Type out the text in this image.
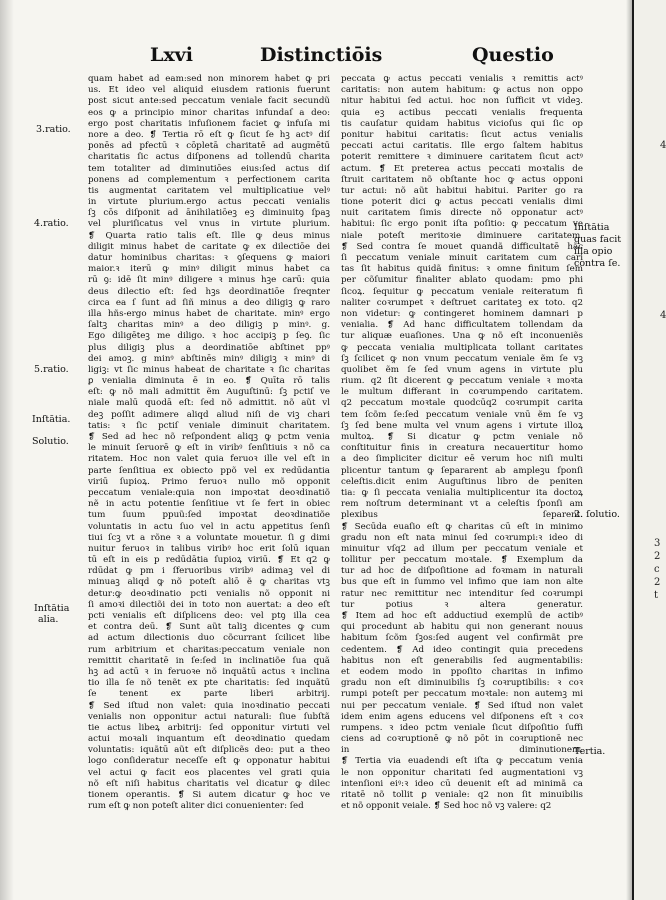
Lxvi	Distinctiōis	Questio
quam habet ad eam:sed non minorem habet ꝙ pri
us. Et ideo vel aliquid eiusdem rationis fuerunt
post sicut ante:sed peccatum veniale facit secundũ
eos ꝙ a principio minor charitas infundaſ a deo:
ergo post charitatis infuſionem faciet ꝙ infuſa mi
nore a deo. ❡ Tertia rō eſt ꝙ ſicut ſe hꝫ actꝰ diſ
ponēs ad pfectū ꝛ cōpletā charitatē ad augmētū
charitatis ſic actus diſponens ad tollendū charita
tem totaliter ad diminutiōes eius:ſed actus diſ
ponens ad complementum ꝛ perfectionem carita
tis augmentat caritatem vel multiplicatiue velꝰ
in virtute plurium.ergo actus peccati venialis
ſꝫ cōs diſponit ad ānihilatiōeꝫ eꝫ diminuitꝯ ſpaꝫ
vel pluriſicatus vel vnus in virtute plurium.
❡ Quarta ratio talis eſt. Ille ꝙ deus minus
diligit minus habet de caritate ꝙ ex dilectiōe dei
datur hominibus charitas: ꝛ ꝯſequens ꝙ maiori
maior.ꝛ iterū ꝙ minꝰ diligit minus habet ca
rū ꝯ: idē ſit minꝰ diligere ꝛ minus hꝫe carū: quia
deus dilectio eſt: ſed hꝫs deordinatiōe ſreqnter
circa ea ſ ſunt ad ſiñ minus a deo diligiꝫ ꝙ raro
illa hñs-ergo minus habet de charitate. minꝰ ergo
ſaltꝫ charitas minꝰ a deo diligiꝫ p minꝰ. g.
Ego diligēteꝫ me diligo. ꝛ hoc accipiꝫ p ſeꝯ. ſic
plus diligiꝫ plus a deordinatiōe abſtinet ppꝰ
dei amoꝫ. g minꝰ abſtinēs minꝰ diligiꝫ ꝛ minꝰ di
ligiꝫ: vt ſic minus habeat de charitate ꝛ ſic charitas
ꝑ venialia diminuta ē in eo. ❡ Quīta rō talis
eſt: ꝙ nõ mali admittit ẽm Auguſtinū: ſꝫ pctiſ ve
niale malū quodā eſt: ſed nõ admittit. nõ aũt vl
deꝫ poſſit adimere aliqd aliud niſi de viꝫ chari
tatis: ꝛ ſic pctiſ veniale diminuit charitatem.
❡ Sed ad hec nõ reſpondent aliqꝫ ꝙ pctm venia
le minuit ſeruorē ꝙ eſt in viribꝰ ſenſitiuis ꝛ nõ ca
ritatem. Hoc non valet quia feruoꝛ ille vel eſt in
parte ſenſitiua ex obiecto ppõ vel ex redūdantia
viriū ſupioꝝ. Primo feruoꝛ nullo mõ opponit
peccatum veniale:quia non impoꝛtat deoꝛdinatiõ
nẽ in actu potentie ſenſitiue vt ſe fert in obiec
tum ſuum ppuũ:ſed impoꝛtat deoꝛdinatiõe
voluntatis in actu ſuo vel in actu appetitus ſenſi
tiui ſcꝫ vt a rõne ꝛ a voluntate mouetur. ſi g dimi
nuitur feruoꝛ in talibus viribꝰ hoc erit ſolū iquan
tū eſt in eis p redūdātia ſupioꝝ viriū. ❡ Et q2 ꝙ
rdūdat ꝙ pm i ſferuoribus viribꝰ adimaꝫ vel di
minuaꝫ aliqd ꝙ nõ poteſt aliō ẽ ꝙ charitas vtꝫ
detur:ꝙ deoꝛdinatio pcti venialis nõ opponit ni
ſi amoꝛi dilectiõi dei in toto non auertat: a deo eſt
pcti venialis eſt diſplicens deo: vel ptꝯ illa cea
et contra deū. ❡ Sunt aũt taliꝫ dicentes ꝙ cum
ad actum dilectionis duo cõcurrant ſcilicet libe
rum arbitrium et charitas:peccatum veniale non
remittit charitatē in ſe:ſed in inclinatiõe ſua quã
hꝫ ad actū ꝛ in feruoꝛe nõ inquãtū actus ꝛ inclina
tio illa ſe nõ tenẽt ex pte charitatis: ſed inquãtū
ſe tenent ex parte liberi arbitrij.
❡ Sed iſtud non valet: quia inoꝛdinatio peccati
venialis non opponitur actui naturali: ſiue ſubſtã
tie actus libeꝝ arbitrij: ſed opponitur virtuti vel
actui moꝛali inquantum eſt deoꝛdinatio quedam
voluntatis: iquãtū aũt eſt diſplicẽs deo: put a theo
logo conſideratur neceſſe eſt ꝙ opponatur habitui
vel actui ꝙ facit eos placentes vel grati quia
nõ eſt niſi habitus charitatis vel dicatur ꝙ dilec
tionem operantis. ❡ Si autem dicatur ꝙ hoc ve
rum eſt ꝙ non poteſt aliter dici conuenienter: ſed
peccata ꝙ actus peccati venialis ꝛ remittis actꝰ
caritatis: non autem habitum: ꝙ actus non oppo
nitur habitui ſed actui. hoc non ſufficit vt videꝫ.
quia eꝫ actibus peccati venialis frequenta
tis cauſatur quidam habitus vicioſus qui ſic op
ponitur habitui caritatis: ſicut actus venialis
peccati actui caritatis. Ille ergo ſaltem habitus
poterit remittere ꝛ diminuere caritatem ſicut actꝰ
actum. ❡ Et preterea actus peccati moꝛtalis de
ſtruit caritatem nõ obſtante hoc ꝙ actus opponi
tur actui: nõ aũt habitui habitui. Pariter go ra
tione poterit dici ꝙ actus peccati venialis dimi
nuit caritatem ſimis directe nõ opponatur actꝰ
habitui: ſic ergo ponit iſta poſitio: ꝙ peccatum ve
niale poteſt meritoꝛie diminuere caritatem.
❡ Sed contra ſe mouet quandã difficultatē hãc
ſi peccatum veniale minuit caritatem cum cari
tas ſit habitus quidã finitus: ꝛ omne finitum ſem
per cõſumitur finaliter ablato quodam: pmo phi
ſicoꝝ. ſequitur ꝙ peccatum veniale reiteratum fi
naliter coꝛrumpet ꝛ deſtruet caritateꝫ ex toto. q2
non videtur: ꝙ contingeret hominem damnari p
venialia. ❡ Ad hanc difficultatem tollendam da
tur aliquæ euaſiones. Una ꝙ nõ eſt inconueniẽs
ꝙ peccata venialia multiplicata tollant caritates
ſꝫ ſcilicet ꝙ non vnum peccatum veniale ẽm ſe vꝫ
quolibet ẽm ſe ſed vnum agens in virtute plu
rium. q2 ſit dicerent ꝙ peccatum veniale ꝛ moꝛta
le multum differant in coꝛrumpendo caritatem.
q2 peccatum moꝛtale quodcūq2 coꝛrumpit carita
tem ſcõm ſe:ſed peccatum veniale vnū ẽm ſe vꝫ
ſꝫ ſed bene multa vel vnum agens i virtute illoꝝ
multoꝝ. ❡ Si dicatur ꝙ pctm veniale nõ
conſtituitur finis in creatura necauertitur homo
a deo ſimpliciter dicitur eē verum hoc niſi multi
plicentur tantum ꝙ ſepararent ab ampleꝫu ſponſi
celeſtis.dicit enim Auguſtinus libro de peniten
tia: ꝙ ſi peccata venialia multiplicentur ita doctoꝝ
rem noſtrum determinant vt a celeſtis ſponſi am
plexibus ſeparent.
❡ Secūda euaſio eſt ꝙ charitas cū eſt in minimo
gradu non eſt nata minui ſed coꝛrumpi:ꝛ ideo di
minuitur vſq2 ad illum per peccatum veniale et
tollitur per peccatum moꝛtale. ❡ Exemplum da
tur ad hoc de diſpoſitione ad foꝛmam in naturali
bus que eſt in ſummo vel infimo que iam non alte
ratur nec remittitur nec intenditur ſed coꝛrumpi
tur potius ꝛ altera generatur.
❡ Item ad hoc eſt adductiud exemplū de actibꝰ
qui procedunt ab habitu qui non generant nouus
habitum ſcõm ſꝫos:ſed augent vel confirmãt pre
cedentem. ❡ Ad ideo contingit quia precedens
habitus non eſt generabilis ſed augmentabilis:
et eodem modo in ppoſito charitas in infimo
gradu non eſt diminuibilis ſꝫ coꝛruptibilis: ꝛ coꝛ
rumpi poteſt per peccatum moꝛtale: non autemꝫ mi
nui per peccatum veniale. ❡ Sed iſtud non valet
idem enim agens educens vel diſponens eſt ꝛ coꝛ
rumpens. ꝛ ideo pctm veniale ſicut diſpoſitio ſuffi
ciens ad coꝛruptionē ꝙ nõ pōt in coꝛruptionē nec
in diminutionem.
❡ Tertia via euadendi eſt iſta ꝙ peccatum venia
le non opponitur charitati ſed augmentationi vꝫ
intenſioni eiꝰ:ꝛ ideo cū deuenit eſt ad minimã ca
ritatē nõ tollit ꝑ veniale: q2 non ſit minuibilis
et nõ opponit veiale. ❡ Sed hoc nõ vꝫ valere: q2
3.ratio.
4.ratio.
5.ratio.
Inſtātia.
Solutio.
Inſtātia
alia.
Inſtātia
quas facit
illa opio
contra ſe.
2. ſolutio.
Tertia.
4
4
3
2
c
2
t
